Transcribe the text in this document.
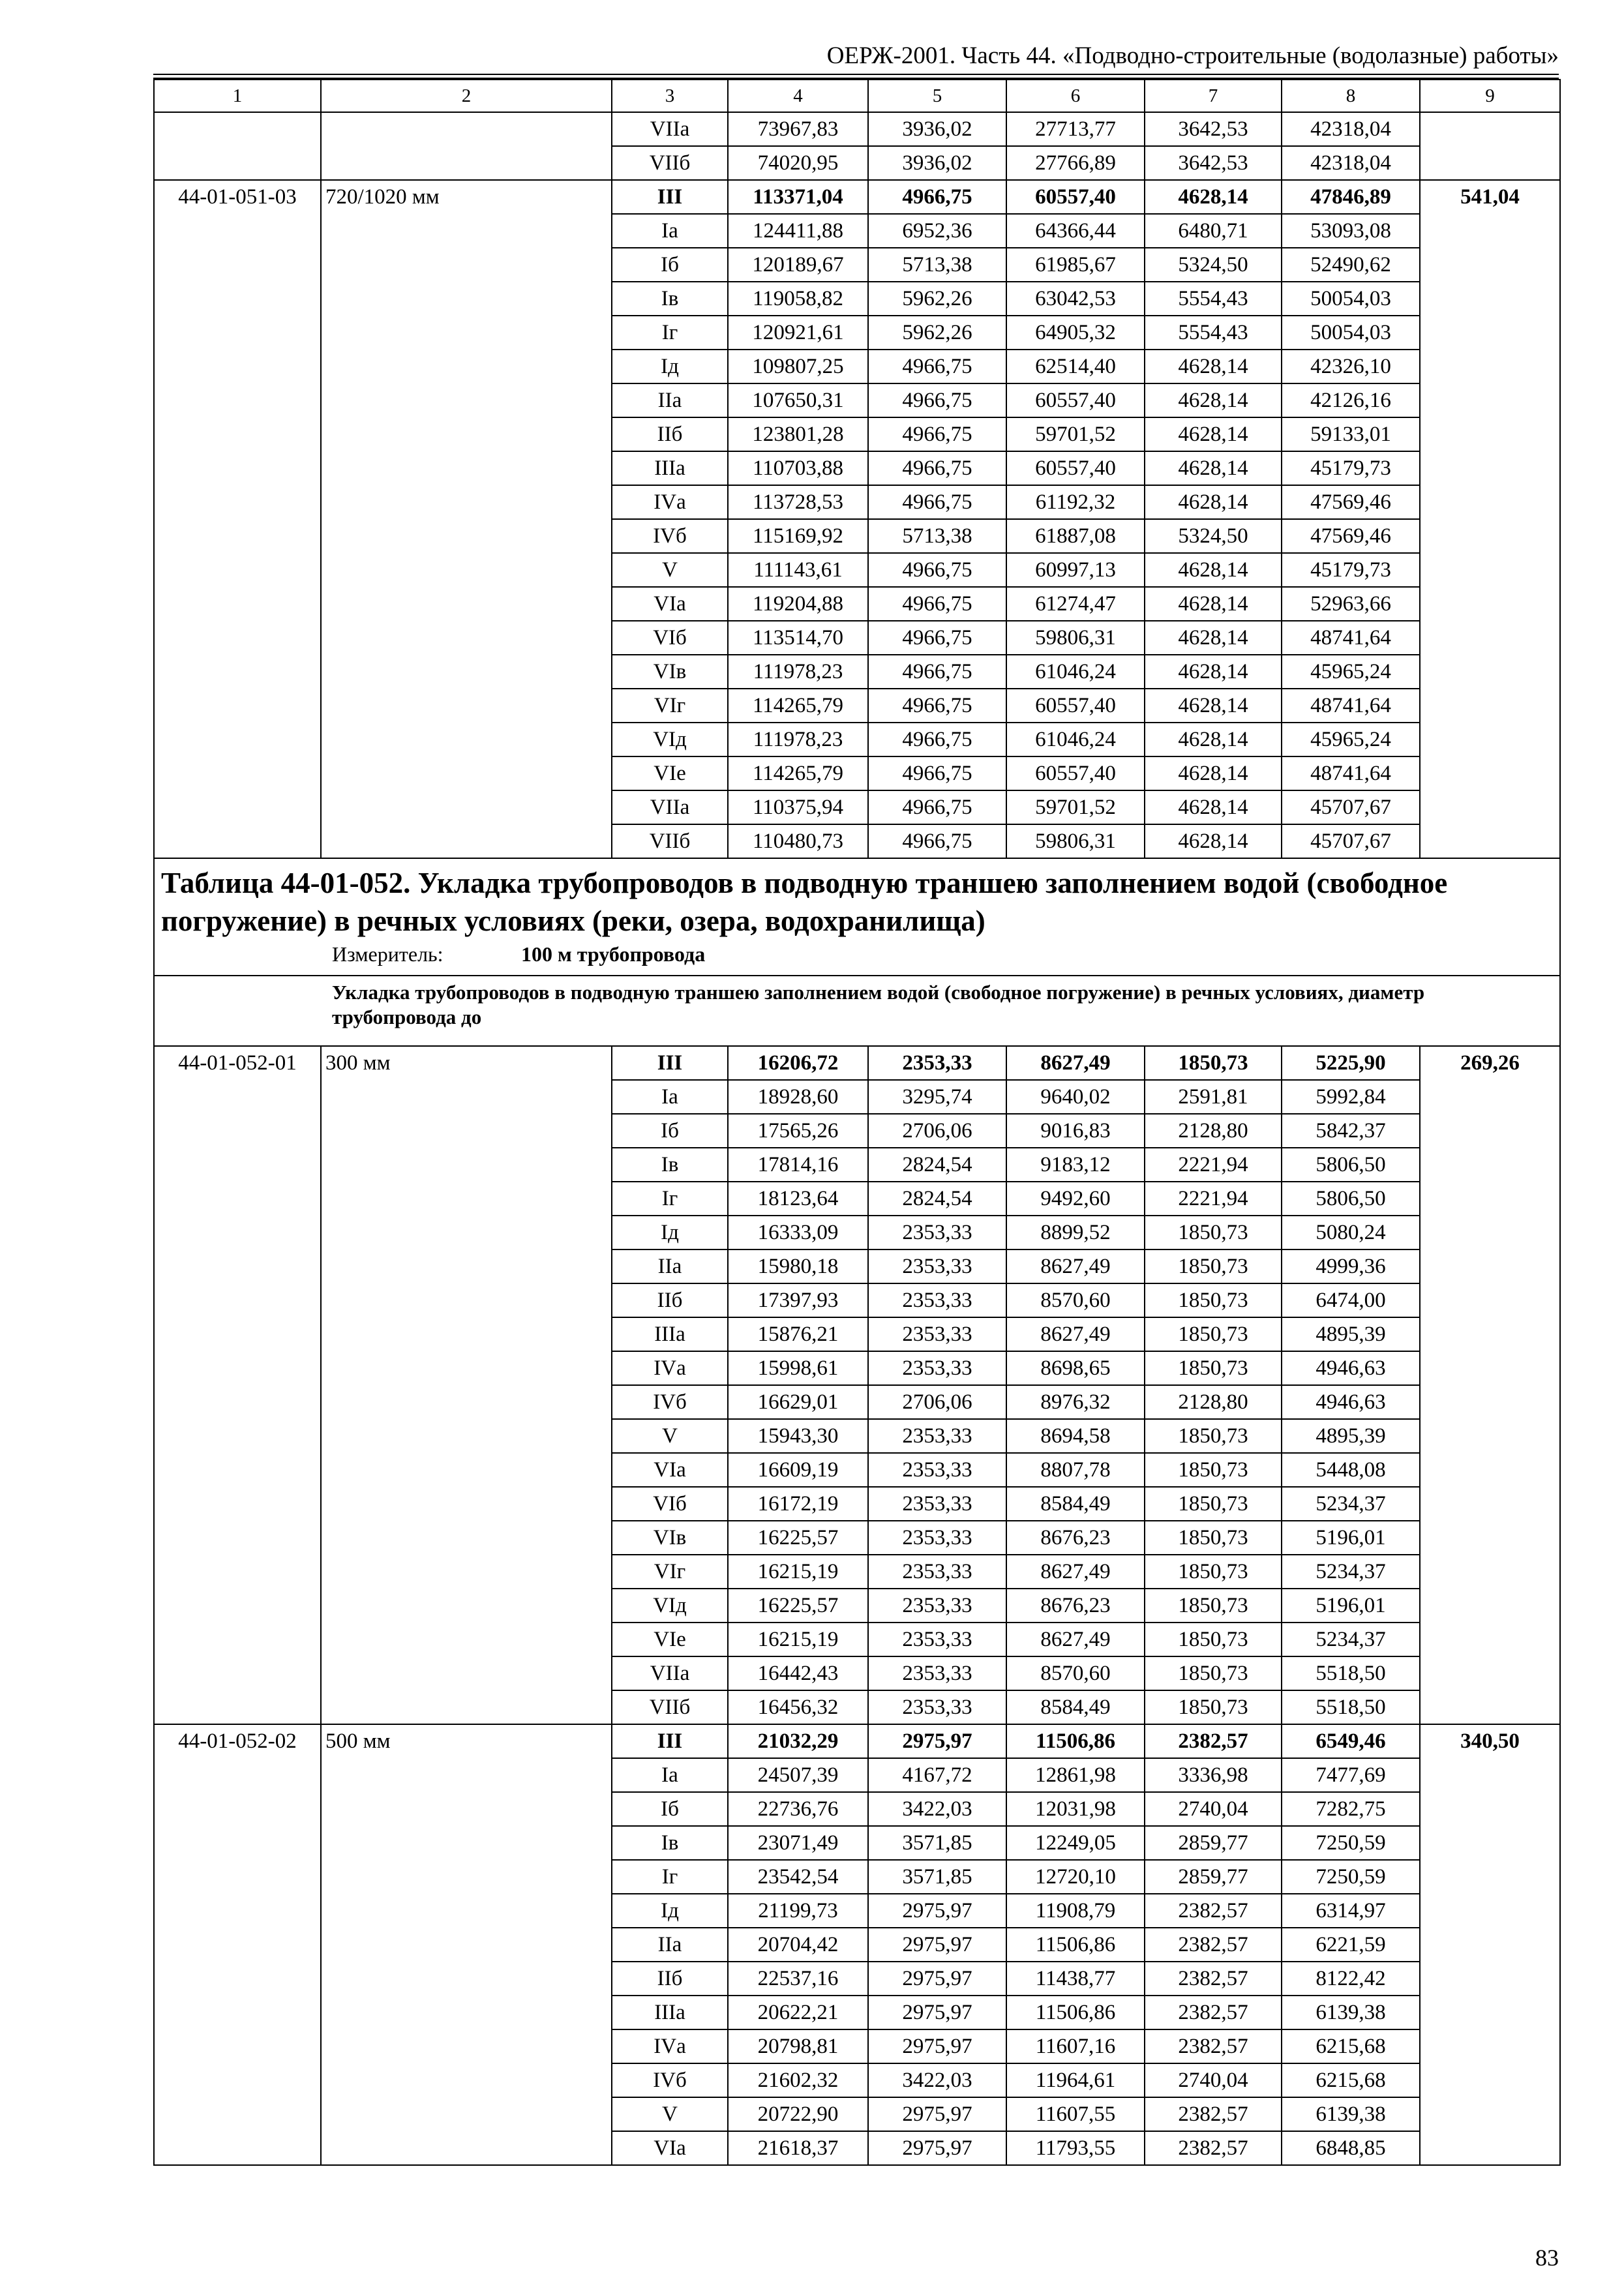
ОЕРЖ-2001. Часть 44. «Подводно-строительные (водолазные) работы»
1	2	3	4	5	6	7	8	9
		VIIа	73967,83	3936,02	27713,77	3642,53	42318,04	
		VIIб	74020,95	3936,02	27766,89	3642,53	42318,04	
44-01-051-03	720/1020 мм	III	113371,04	4966,75	60557,40	4628,14	47846,89	541,04
		Iа	124411,88	6952,36	64366,44	6480,71	53093,08	
		Iб	120189,67	5713,38	61985,67	5324,50	52490,62	
		Iв	119058,82	5962,26	63042,53	5554,43	50054,03	
		Iг	120921,61	5962,26	64905,32	5554,43	50054,03	
		Iд	109807,25	4966,75	62514,40	4628,14	42326,10	
		IIа	107650,31	4966,75	60557,40	4628,14	42126,16	
		IIб	123801,28	4966,75	59701,52	4628,14	59133,01	
		IIIа	110703,88	4966,75	60557,40	4628,14	45179,73	
		IVа	113728,53	4966,75	61192,32	4628,14	47569,46	
		IVб	115169,92	5713,38	61887,08	5324,50	47569,46	
		V	111143,61	4966,75	60997,13	4628,14	45179,73	
		VIа	119204,88	4966,75	61274,47	4628,14	52963,66	
		VIб	113514,70	4966,75	59806,31	4628,14	48741,64	
		VIв	111978,23	4966,75	61046,24	4628,14	45965,24	
		VIг	114265,79	4966,75	60557,40	4628,14	48741,64	
		VIд	111978,23	4966,75	61046,24	4628,14	45965,24	
		VIе	114265,79	4966,75	60557,40	4628,14	48741,64	
		VIIа	110375,94	4966,75	59701,52	4628,14	45707,67	
		VIIб	110480,73	4966,75	59806,31	4628,14	45707,67	

Таблица 44-01-052. Укладка трубопроводов в подводную траншею заполнением водой (свободное погружение) в речных условиях (реки, озера, водохранилища)
Измеритель: 100 м трубопровода								

Укладка трубопроводов в подводную траншею заполнением водой (свободное погружение) в речных условиях, диаметр трубопровода до								

44-01-052-01	300 мм	III	16206,72	2353,33	8627,49	1850,73	5225,90	269,26
		Iа	18928,60	3295,74	9640,02	2591,81	5992,84	
		Iб	17565,26	2706,06	9016,83	2128,80	5842,37	
		Iв	17814,16	2824,54	9183,12	2221,94	5806,50	
		Iг	18123,64	2824,54	9492,60	2221,94	5806,50	
		Iд	16333,09	2353,33	8899,52	1850,73	5080,24	
		IIа	15980,18	2353,33	8627,49	1850,73	4999,36	
		IIб	17397,93	2353,33	8570,60	1850,73	6474,00	
		IIIа	15876,21	2353,33	8627,49	1850,73	4895,39	
		IVа	15998,61	2353,33	8698,65	1850,73	4946,63	
		IVб	16629,01	2706,06	8976,32	2128,80	4946,63	
		V	15943,30	2353,33	8694,58	1850,73	4895,39	
		VIа	16609,19	2353,33	8807,78	1850,73	5448,08	
		VIб	16172,19	2353,33	8584,49	1850,73	5234,37	
		VIв	16225,57	2353,33	8676,23	1850,73	5196,01	
		VIг	16215,19	2353,33	8627,49	1850,73	5234,37	
		VIд	16225,57	2353,33	8676,23	1850,73	5196,01	
		VIе	16215,19	2353,33	8627,49	1850,73	5234,37	
		VIIа	16442,43	2353,33	8570,60	1850,73	5518,50	
		VIIб	16456,32	2353,33	8584,49	1850,73	5518,50	
44-01-052-02	500 мм	III	21032,29	2975,97	11506,86	2382,57	6549,46	340,50
		Iа	24507,39	4167,72	12861,98	3336,98	7477,69	
		Iб	22736,76	3422,03	12031,98	2740,04	7282,75	
		Iв	23071,49	3571,85	12249,05	2859,77	7250,59	
		Iг	23542,54	3571,85	12720,10	2859,77	7250,59	
		Iд	21199,73	2975,97	11908,79	2382,57	6314,97	
		IIа	20704,42	2975,97	11506,86	2382,57	6221,59	
		IIб	22537,16	2975,97	11438,77	2382,57	8122,42	
		IIIа	20622,21	2975,97	11506,86	2382,57	6139,38	
		IVа	20798,81	2975,97	11607,16	2382,57	6215,68	
		IVб	21602,32	3422,03	11964,61	2740,04	6215,68	
		V	20722,90	2975,97	11607,55	2382,57	6139,38	
		VIа	21618,37	2975,97	11793,55	2382,57	6848,85	
83
